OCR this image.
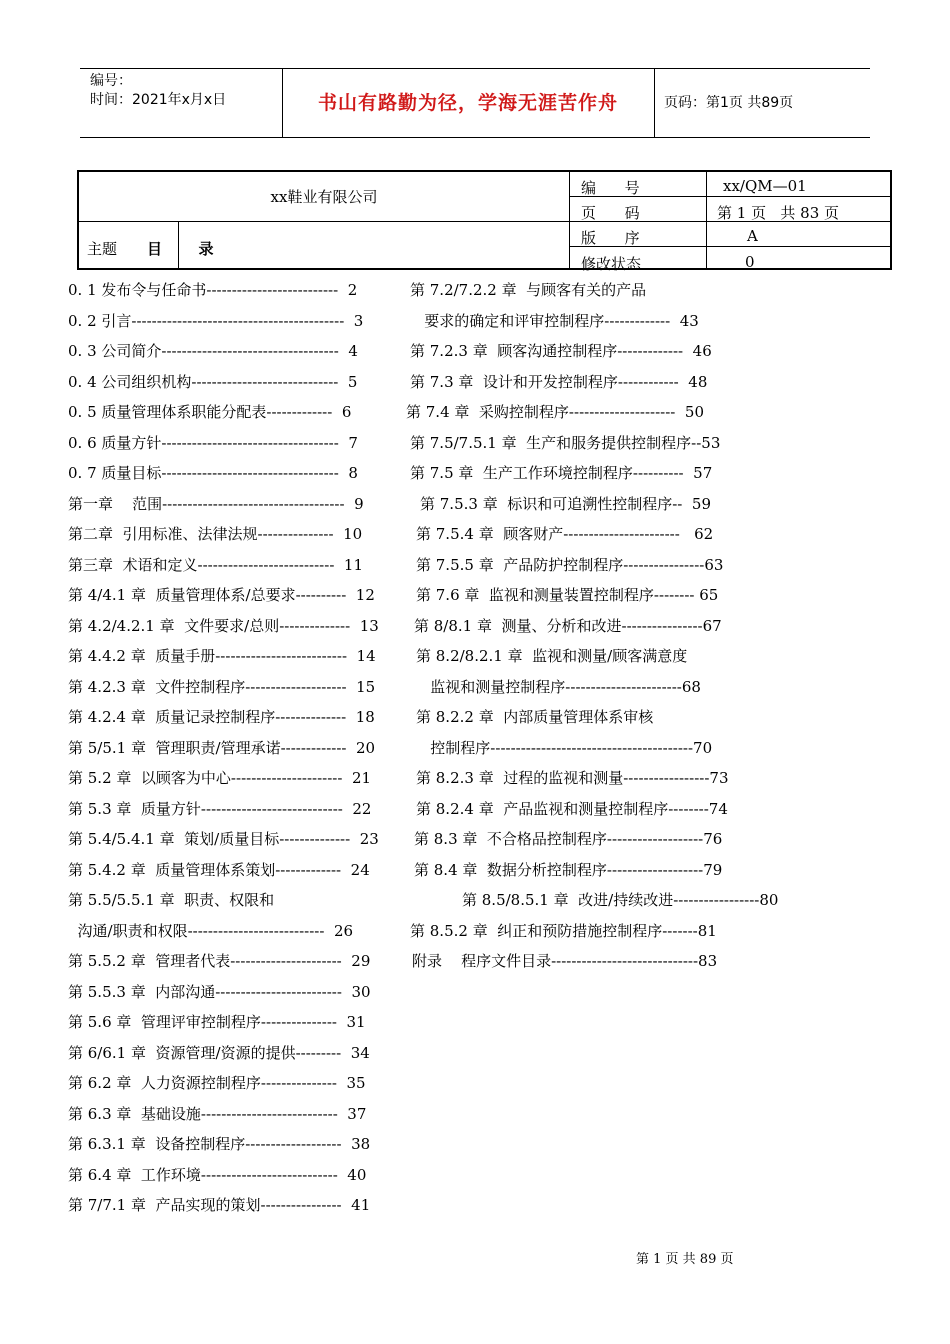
编号：
时间：2021年x月x日	书山有路勤为径，学海无涯苦作舟	页码：第1页 共89页
xx鞋业有限公司
主题 目       录
编      号	xx/QM—01
页      码	第 1 页   共 83 页
版      序	A
修改状态	0

0. 1 发布令与任命书--------------------------  2

0. 2 引言------------------------------------------  3

0. 3 公司简介-----------------------------------  4

0. 4 公司组织机构-----------------------------  5

0. 5 质量管理体系职能分配表-------------  6

0. 6 质量方针-----------------------------------  7

0. 7 质量目标-----------------------------------  8

第一章    范围------------------------------------  9

第二章  引用标准、法律法规---------------  10

第三章  术语和定义---------------------------  11

第 4/4.1 章  质量管理体系/总要求----------  12

第 4.2/4.2.1 章  文件要求/总则--------------  13

第 4.4.2 章  质量手册--------------------------  14

第 4.2.3 章  文件控制程序--------------------  15

第 4.2.4 章  质量记录控制程序--------------  18

第 5/5.1 章  管理职责/管理承诺-------------  20

第 5.2 章  以顾客为中心----------------------  21

第 5.3 章  质量方针----------------------------  22

第 5.4/5.4.1 章  策划/质量目标--------------  23

第 5.4.2 章  质量管理体系策划-------------  24

第 5.5/5.5.1 章  职责、权限和

沟通/职责和权限---------------------------  26

第 5.5.2 章  管理者代表----------------------  29

第 5.5.3 章  内部沟通-------------------------  30

第 5.6 章  管理评审控制程序---------------  31

第 6/6.1 章  资源管理/资源的提供---------  34

第 6.2 章  人力资源控制程序---------------  35

第 6.3 章  基础设施---------------------------  37

第 6.3.1 章  设备控制程序-------------------  38

第 6.4 章  工作环境---------------------------  40

第 7/7.1 章  产品实现的策划----------------  41

第 7.2/7.2.2 章  与顾客有关的产品

要求的确定和评审控制程序-------------  43

第 7.2.3 章  顾客沟通控制程序-------------  46

第 7.3 章  设计和开发控制程序------------  48

第 7.4 章  采购控制程序---------------------  50

第 7.5/7.5.1 章  生产和服务提供控制程序--53

第 7.5 章  生产工作环境控制程序----------  57

第 7.5.3 章  标识和可追溯性控制程序--  59

第 7.5.4 章  顾客财产-----------------------   62

第 7.5.5 章  产品防护控制程序----------------63

第 7.6 章  监视和测量装置控制程序-------- 65

第 8/8.1 章  测量、分析和改进----------------67

第 8.2/8.2.1 章  监视和测量/顾客满意度

监视和测量控制程序-----------------------68

第 8.2.2 章  内部质量管理体系审核

控制程序----------------------------------------70

第 8.2.3 章  过程的监视和测量-----------------73

第 8.2.4 章  产品监视和测量控制程序--------74

第 8.3 章  不合格品控制程序-------------------76

第 8.4 章  数据分析控制程序-------------------79

第 8.5/8.5.1 章  改进/持续改进-----------------80

第 8.5.2 章  纠正和预防措施控制程序-------81

附录    程序文件目录-----------------------------83

第 1 页 共 89 页
